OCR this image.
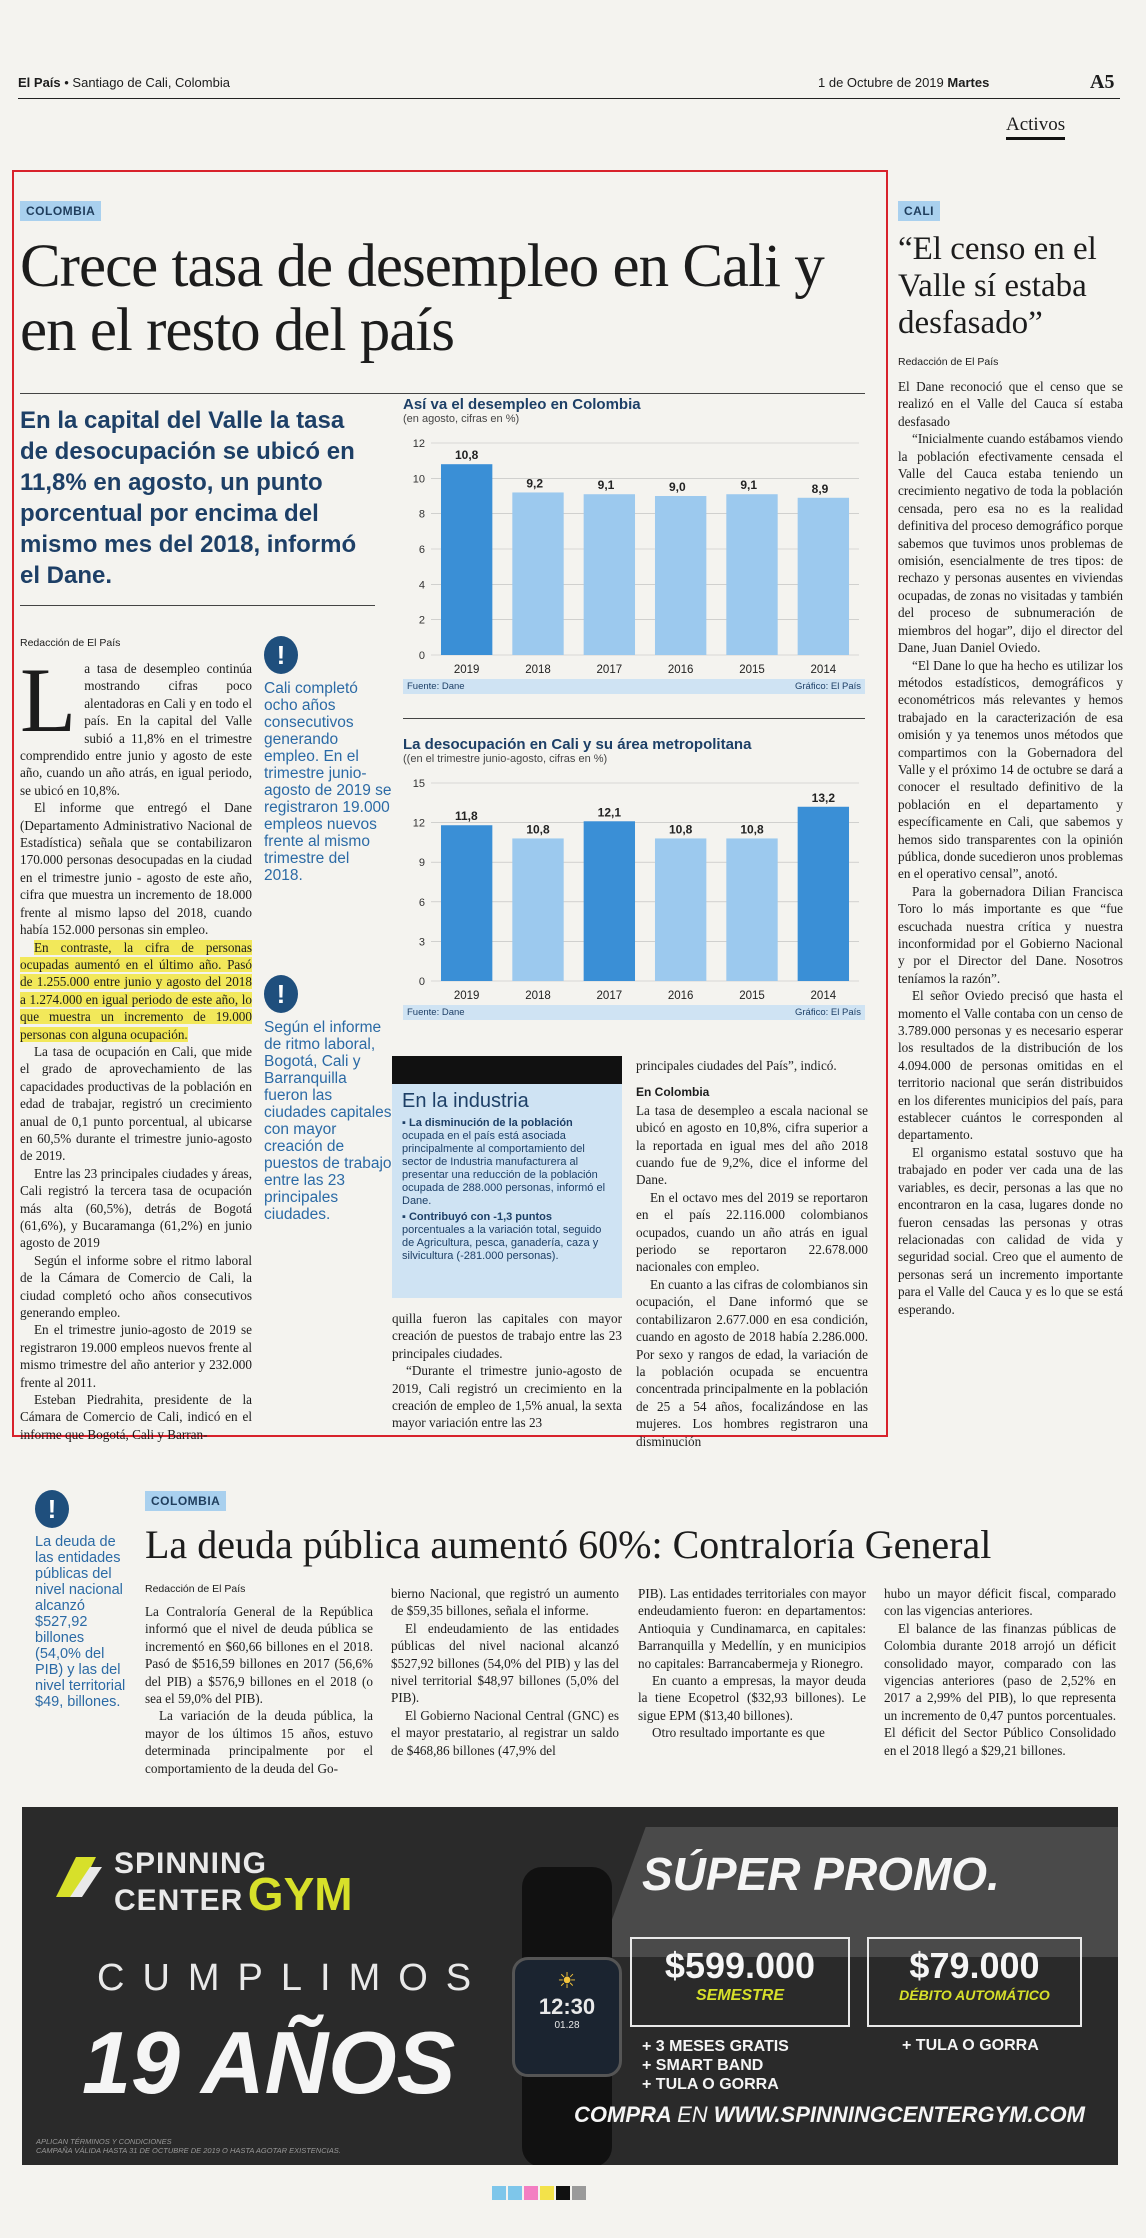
El País • Santiago de Cali, Colombia	1 de Octubre de 2019 Martes	A5
Activos
COLOMBIA
Crece tasa de desempleo en Cali y en el resto del país
En la capital del Valle la tasa de desocupación se ubicó en 11,8% en agosto, un punto porcentual por encima del mismo mes del 2018, informó el Dane.
Redacción de El País
L a tasa de desempleo continúa mostrando cifras poco alentadoras en Cali y en todo el país. En la capital del Valle subió a 11,8% en el trimestre comprendido entre junio y agosto de este año, cuando un año atrás, en igual periodo, se ubicó en 10,8%.

El informe que entregó el Dane (Departamento Administrativo Nacional de Estadística) señala que se contabilizaron 170.000 personas desocupadas en la ciudad en el trimestre junio - agosto de este año, cifra que muestra un incremento de 18.000 frente al mismo lapso del 2018, cuando había 152.000 personas sin empleo.

En contraste, la cifra de personas ocupadas aumentó en el último año. Pasó de 1.255.000 entre junio y agosto del 2018 a 1.274.000 en igual periodo de este año, lo que muestra un incremento de 19.000 personas con alguna ocupación.

La tasa de ocupación en Cali, que mide el grado de aprovechamiento de las capacidades productivas de la población en edad de trabajar, registró un crecimiento anual de 0,1 punto porcentual, al ubicarse en 60,5% durante el trimestre junio-agosto de 2019.

Entre las 23 principales ciudades y áreas, Cali registró la tercera tasa de ocupación más alta (60,5%), detrás de Bogotá (61,6%), y Bucaramanga (61,2%) en junio agosto de 2019

Según el informe sobre el ritmo laboral de la Cámara de Comercio de Cali, la ciudad completó ocho años consecutivos generando empleo.

En el trimestre junio-agosto de 2019 se registraron 19.000 empleos nuevos frente al mismo trimestre del año anterior y 232.000 frente al 2011.

Esteban Piedrahita, presidente de la Cámara de Comercio de Cali, indicó en el informe que Bogotá, Cali y Barran-

!
Cali completó ocho años consecutivos generando empleo. En el trimestre junio-agosto de 2019 se registraron 19.000 empleos nuevos frente al mismo trimestre del 2018.
!
Según el informe de ritmo laboral, Bogotá, Cali y Barranquilla fueron las ciudades capitales con mayor creación de puestos de trabajo entre las 23 principales ciudades.
Así va el desempleo en Colombia
(en agosto, cifras en %)
0
2
4
6
8
10
12
10,8
2019
9,2
2018
9,1
2017
9,0
2016
9,1
2015
8,9
2014
Fuente: Dane	Gráfico: El País
La desocupación en Cali y su área metropolitana
((en el trimestre junio-agosto, cifras en %)
0
3
6
9
12
15
11,8
2019
10,8
2018
12,1
2017
10,8
2016
10,8
2015
13,2
2014
Fuente: Dane	Gráfico: El País
En la industria
▪ La disminución de la población
ocupada en el país está asociada principalmente al comportamiento del sector de Industria manufacturera al presentar una reducción de la población ocupada de 288.000 personas, informó el Dane.
▪ Contribuyó con -1,3 puntos
porcentuales a la variación total, seguido de Agricultura, pesca, ganadería, caza y silvicultura (-281.000 personas).

quilla fueron las capitales con mayor creación de puestos de trabajo entre las 23 principales ciudades.

“Durante el trimestre junio-agosto de 2019, Cali registró un crecimiento en la creación de empleo de 1,5% anual, la sexta mayor variación entre las 23

principales ciudades del País”, indicó.

En Colombia

La tasa de desempleo a escala nacional se ubicó en agosto en 10,8%, cifra superior a la reportada en igual mes del año 2018 cuando fue de 9,2%, dice el informe del Dane.

En el octavo mes del 2019 se reportaron en el país 22.116.000 colombianos ocupados, cuando un año atrás en igual periodo se reportaron 22.678.000 nacionales con empleo.

En cuanto a las cifras de colombianos sin ocupación, el Dane informó que se contabilizaron 2.677.000 en esa condición, cuando en agosto de 2018 había 2.286.000. Por sexo y rangos de edad, la variación de la población ocupada se encuentra concentrada principalmente en la población de 25 a 54 años, focalizándose en las mujeres. Los hombres registraron una disminución

CALI
“El censo en el Valle sí estaba desfasado”
Redacción de El País

El Dane reconoció que el censo que se realizó en el Valle del Cauca sí estaba desfasado

“Inicialmente cuando estábamos viendo la población efectivamente censada el Valle del Cauca estaba teniendo un crecimiento negativo de toda la población censada, pero esa no es la realidad definitiva del proceso demográfico porque sabemos que tuvimos unos problemas de omisión, esencialmente de tres tipos: de rechazo y personas ausentes en viviendas ocupadas, de zonas no visitadas y también del proceso de subnumeración de miembros del hogar”, dijo el director del Dane, Juan Daniel Oviedo.

“El Dane lo que ha hecho es utilizar los métodos estadísticos, demográficos y econométricos más relevantes y hemos trabajado en la caracterización de esa omisión y ya tenemos unos métodos que compartimos con la Gobernadora del Valle y el próximo 14 de octubre se dará a conocer el resultado definitivo de la población en el departamento y específicamente en Cali, que sabemos y hemos sido transparentes con la opinión pública, donde sucedieron unos problemas en el operativo censal”, anotó.

Para la gobernadora Dilian Francisca Toro lo más importante es que “fue escuchada nuestra crítica y nuestra inconformidad por el Gobierno Nacional y por el Director del Dane. Nosotros teníamos la razón”.

El señor Oviedo precisó que hasta el momento el Valle contaba con un censo de 3.789.000 personas y es necesario esperar los resultados de la distribución de los 4.094.000 de personas omitidas en el territorio nacional que serán distribuidos en los diferentes municipios del país, para establecer cuántos le corresponden al departamento.

El organismo estatal sostuvo que ha trabajado en poder ver cada una de las variables, es decir, personas a las que no encontraron en la casa, lugares donde no fueron censadas las personas y otras relacionadas con calidad de vida y seguridad social. Creo que el aumento de personas será un incremento importante para el Valle del Cauca y es lo que se está esperando.

!
La deuda de las entidades públicas del nivel nacional alcanzó $527,92 billones (54,0% del PIB) y las del nivel territorial $49, billones.
COLOMBIA
La deuda pública aumentó 60%: Contraloría General
Redacción de El País

La Contraloría General de la República informó que el nivel de deuda pública se incrementó en $60,66 billones en el 2018. Pasó de $516,59 billones en 2017 (56,6% del PIB) a $576,9 billones en el 2018 (o sea el 59,0% del PIB).

La variación de la deuda pública, la mayor de los últimos 15 años, estuvo determinada principalmente por el comportamiento de la deuda del Go-

bierno Nacional, que registró un aumento de $59,35 billones, señala el informe.

El endeudamiento de las entidades públicas del nivel nacional alcanzó $527,92 billones (54,0% del PIB) y las del nivel territorial $48,97 billones (5,0% del PIB).

El Gobierno Nacional Central (GNC) es el mayor prestatario, al registrar un saldo de $468,86 billones (47,9% del

PIB). Las entidades territoriales con mayor endeudamiento fueron: en departamentos: Antioquia y Cundinamarca, en capitales: Barranquilla y Medellín, y en municipios no capitales: Barrancabermeja y Rionegro.

En cuanto a empresas, la mayor deuda la tiene Ecopetrol ($32,93 billones). Le sigue EPM ($13,40 billones).

Otro resultado importante es que

hubo un mayor déficit fiscal, comparado con las vigencias anteriores.

El balance de las finanzas públicas de Colombia durante 2018 arrojó un déficit consolidado mayor, comparado con las vigencias anteriores (paso de 2,52% en 2017 a 2,99% del PIB), lo que representa un incremento de 0,47 puntos porcentuales. El déficit del Sector Público Consolidado en el 2018 llegó a $29,21 billones.

SPINNING
CENTER GYM
CUMPLIMOS
19 AÑOS
☀
12:30
01.28
SÚPER PROMO.
$599.000
SEMESTRE
$79.000
DÉBITO AUTOMÁTICO
+ 3 MESES GRATIS
+ SMART BAND
+ TULA O GORRA
+ TULA O GORRA
COMPRA EN WWW.SPINNINGCENTERGYM.COM
APLICAN TÉRMINOS Y CONDICIONES
CAMPAÑA VÁLIDA HASTA 31 DE OCTUBRE DE 2019 O HASTA AGOTAR EXISTENCIAS.
